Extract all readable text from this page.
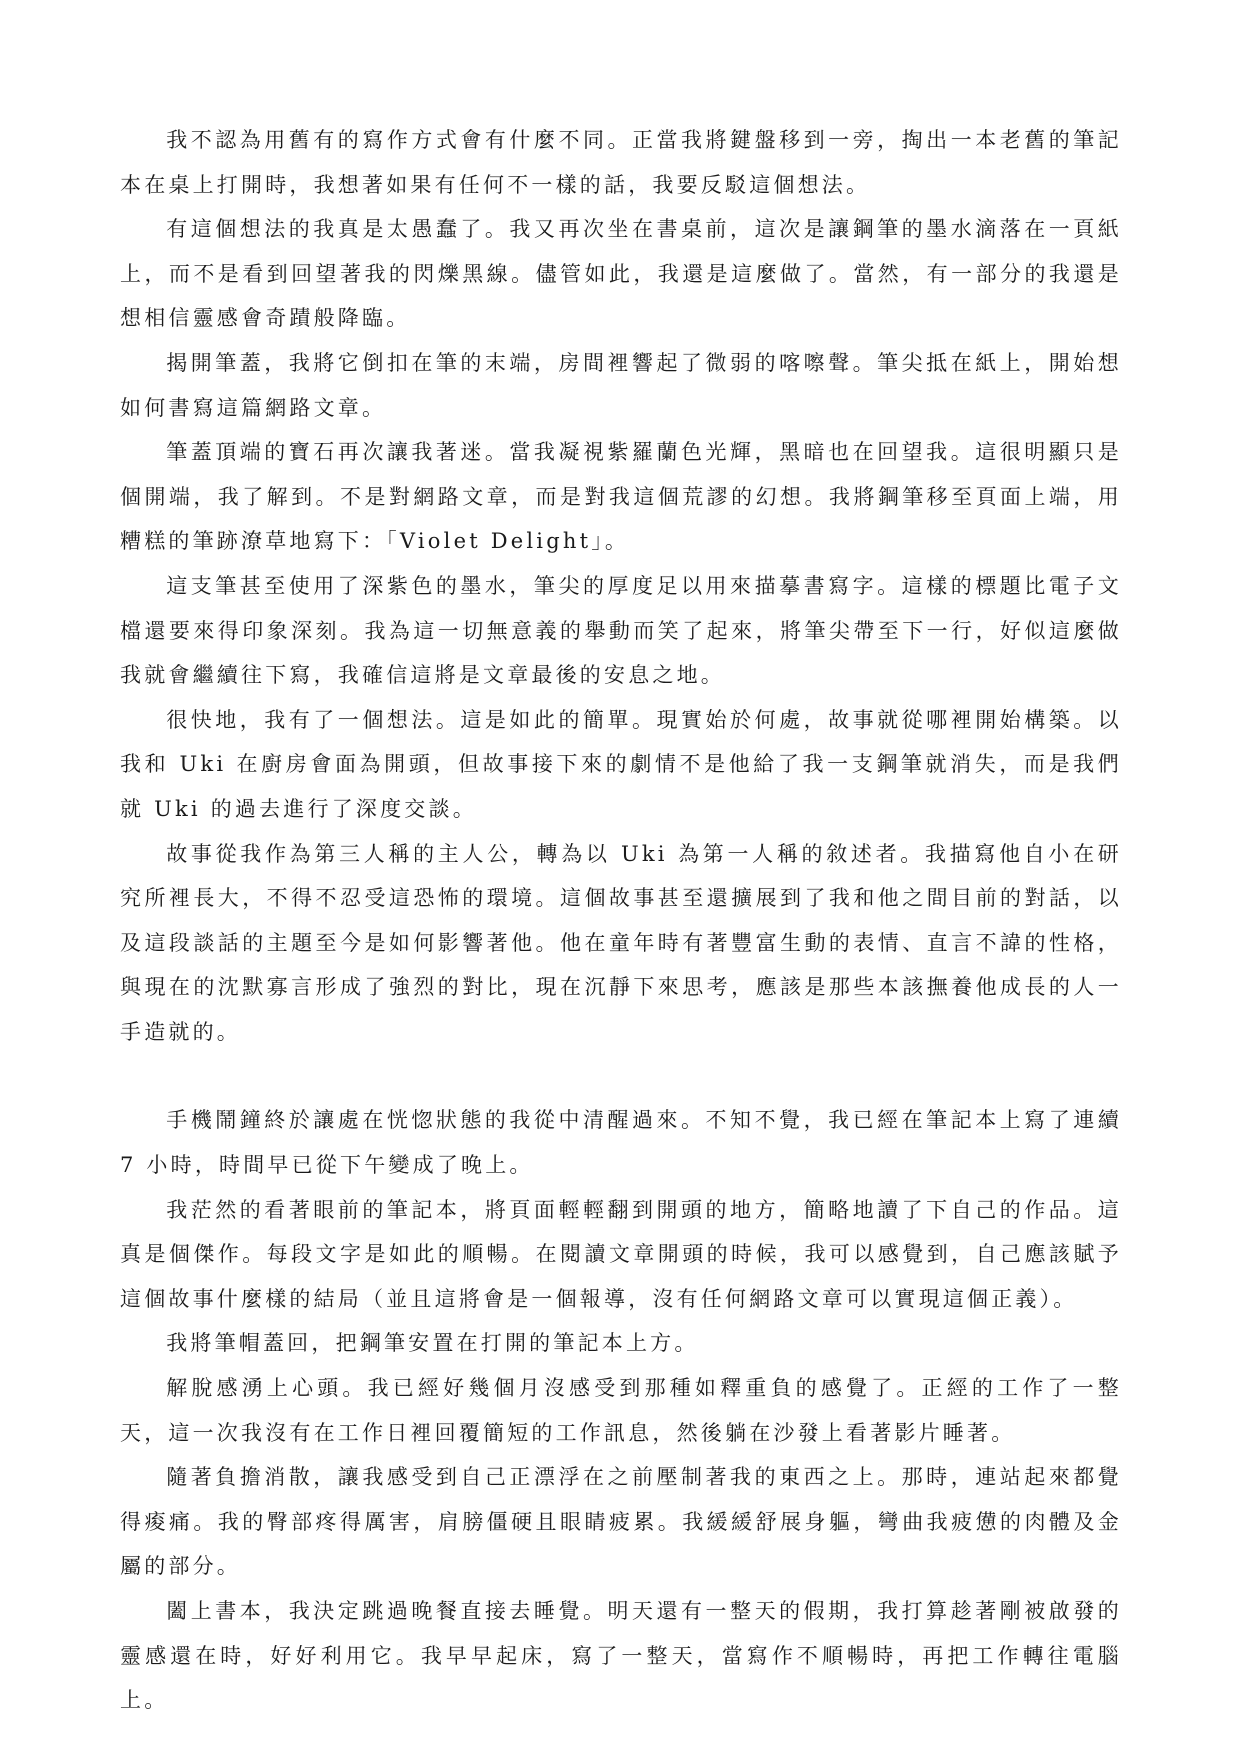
我不認為用舊有的寫作方式會有什麼不同。正當我將鍵盤移到一旁，掏出一本老舊的筆記本在桌上打開時，我想著如果有任何不一樣的話，我要反駁這個想法。

有這個想法的我真是太愚蠢了。我又再次坐在書桌前，這次是讓鋼筆的墨水滴落在一頁紙上，而不是看到回望著我的閃爍黑線。儘管如此，我還是這麼做了。當然，有一部分的我還是想相信靈感會奇蹟般降臨。

揭開筆蓋，我將它倒扣在筆的末端，房間裡響起了微弱的喀嚓聲。筆尖抵在紙上，開始想如何書寫這篇網路文章。

筆蓋頂端的寶石再次讓我著迷。當我凝視紫羅蘭色光輝，黑暗也在回望我。這很明顯只是個開端，我了解到。不是對網路文章，而是對我這個荒謬的幻想。我將鋼筆移至頁面上端，用糟糕的筆跡潦草地寫下：「Violet Delight」。

這支筆甚至使用了深紫色的墨水，筆尖的厚度足以用來描摹書寫字。這樣的標題比電子文檔還要來得印象深刻。我為這一切無意義的舉動而笑了起來，將筆尖帶至下一行，好似這麼做我就會繼續往下寫，我確信這將是文章最後的安息之地。

很快地，我有了一個想法。這是如此的簡單。現實始於何處，故事就從哪裡開始構築。以我和 Uki 在廚房會面為開頭，但故事接下來的劇情不是他給了我一支鋼筆就消失，而是我們就 Uki 的過去進行了深度交談。

故事從我作為第三人稱的主人公，轉為以 Uki 為第一人稱的敘述者。我描寫他自小在研究所裡長大，不得不忍受這恐怖的環境。這個故事甚至還擴展到了我和他之間目前的對話，以及這段談話的主題至今是如何影響著他。他在童年時有著豐富生動的表情、直言不諱的性格，與現在的沈默寡言形成了強烈的對比，現在沉靜下來思考，應該是那些本該撫養他成長的人一手造就的。

手機鬧鐘終於讓處在恍惚狀態的我從中清醒過來。不知不覺，我已經在筆記本上寫了連續 7 小時，時間早已從下午變成了晚上。

我茫然的看著眼前的筆記本，將頁面輕輕翻到開頭的地方，簡略地讀了下自己的作品。這真是個傑作。每段文字是如此的順暢。在閱讀文章開頭的時候，我可以感覺到，自己應該賦予這個故事什麼樣的結局（並且這將會是一個報導，沒有任何網路文章可以實現這個正義）。

我將筆帽蓋回，把鋼筆安置在打開的筆記本上方。

解脫感湧上心頭。我已經好幾個月沒感受到那種如釋重負的感覺了。正經的工作了一整天，這一次我沒有在工作日裡回覆簡短的工作訊息，然後躺在沙發上看著影片睡著。

隨著負擔消散，讓我感受到自己正漂浮在之前壓制著我的東西之上。那時，連站起來都覺得痠痛。我的臀部疼得厲害，肩膀僵硬且眼睛疲累。我緩緩舒展身軀，彎曲我疲憊的肉體及金屬的部分。

闔上書本，我決定跳過晚餐直接去睡覺。明天還有一整天的假期，我打算趁著剛被啟發的靈感還在時，好好利用它。我早早起床，寫了一整天，當寫作不順暢時，再把工作轉往電腦上。
